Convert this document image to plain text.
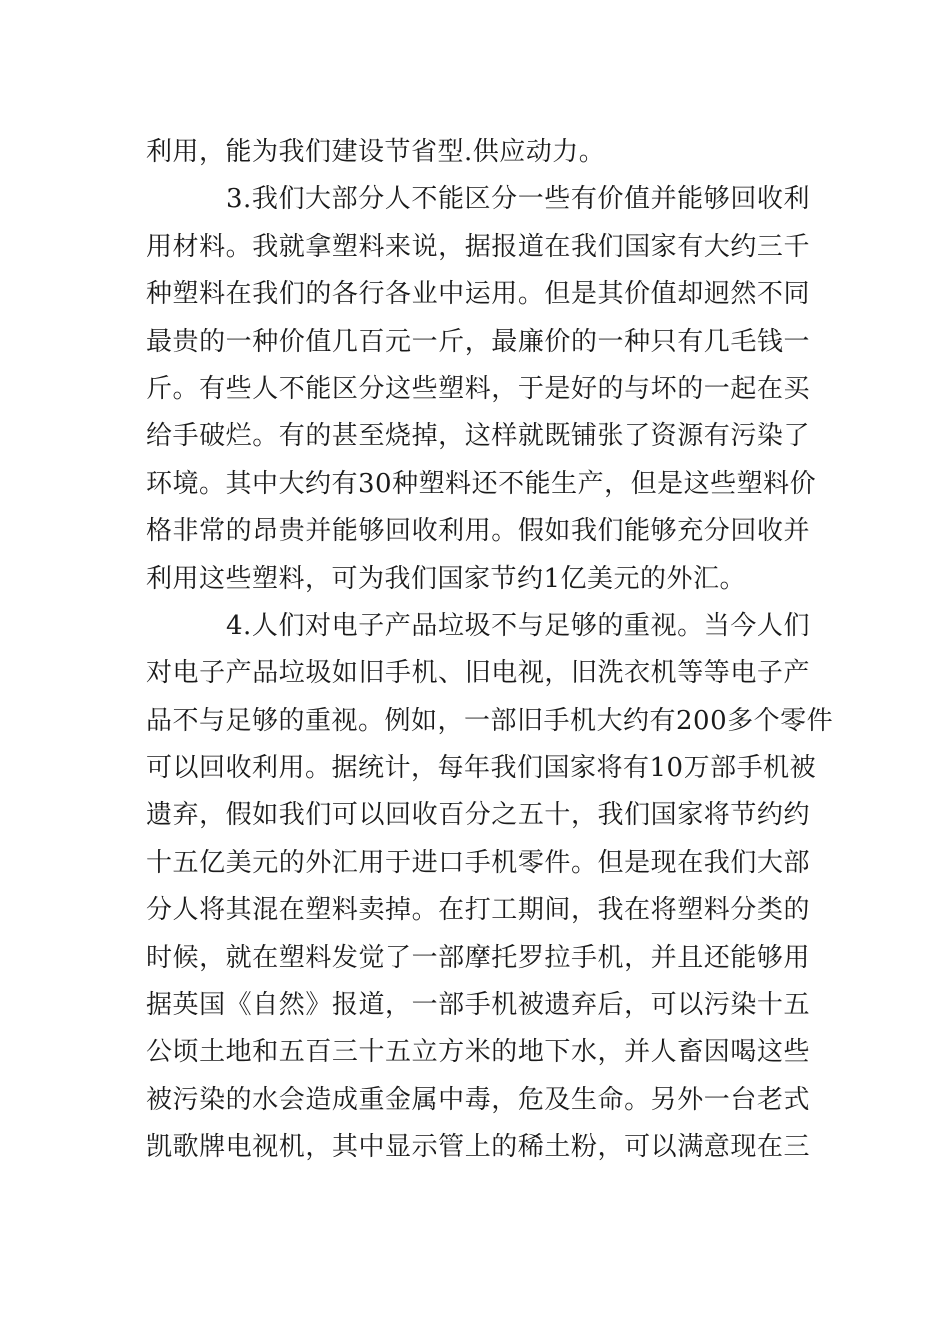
利用，能为我们建设节省型.供应动力。
3.我们大部分人不能区分一些有价值并能够回收利
用材料。我就拿塑料来说，据报道在我们国家有大约三千
种塑料在我们的各行各业中运用。但是其价值却迥然不同
最贵的一种价值几百元一斤，最廉价的一种只有几毛钱一
斤。有些人不能区分这些塑料，于是好的与坏的一起在买
给手破烂。有的甚至烧掉，这样就既铺张了资源有污染了
环境。其中大约有30种塑料还不能生产，但是这些塑料价
格非常的昂贵并能够回收利用。假如我们能够充分回收并
利用这些塑料，可为我们国家节约1亿美元的外汇。
4.人们对电子产品垃圾不与足够的重视。当今人们
对电子产品垃圾如旧手机、旧电视，旧洗衣机等等电子产
品不与足够的重视。例如，一部旧手机大约有200多个零件
可以回收利用。据统计，每年我们国家将有10万部手机被
遗弃，假如我们可以回收百分之五十，我们国家将节约约
十五亿美元的外汇用于进口手机零件。但是现在我们大部
分人将其混在塑料卖掉。在打工期间，我在将塑料分类的
时候，就在塑料发觉了一部摩托罗拉手机，并且还能够用
据英国《自然》报道，一部手机被遗弃后，可以污染十五
公顷土地和五百三十五立方米的地下水，并人畜因喝这些
被污染的水会造成重金属中毒，危及生命。另外一台老式
凯歌牌电视机，其中显示管上的稀土粉，可以满意现在三
